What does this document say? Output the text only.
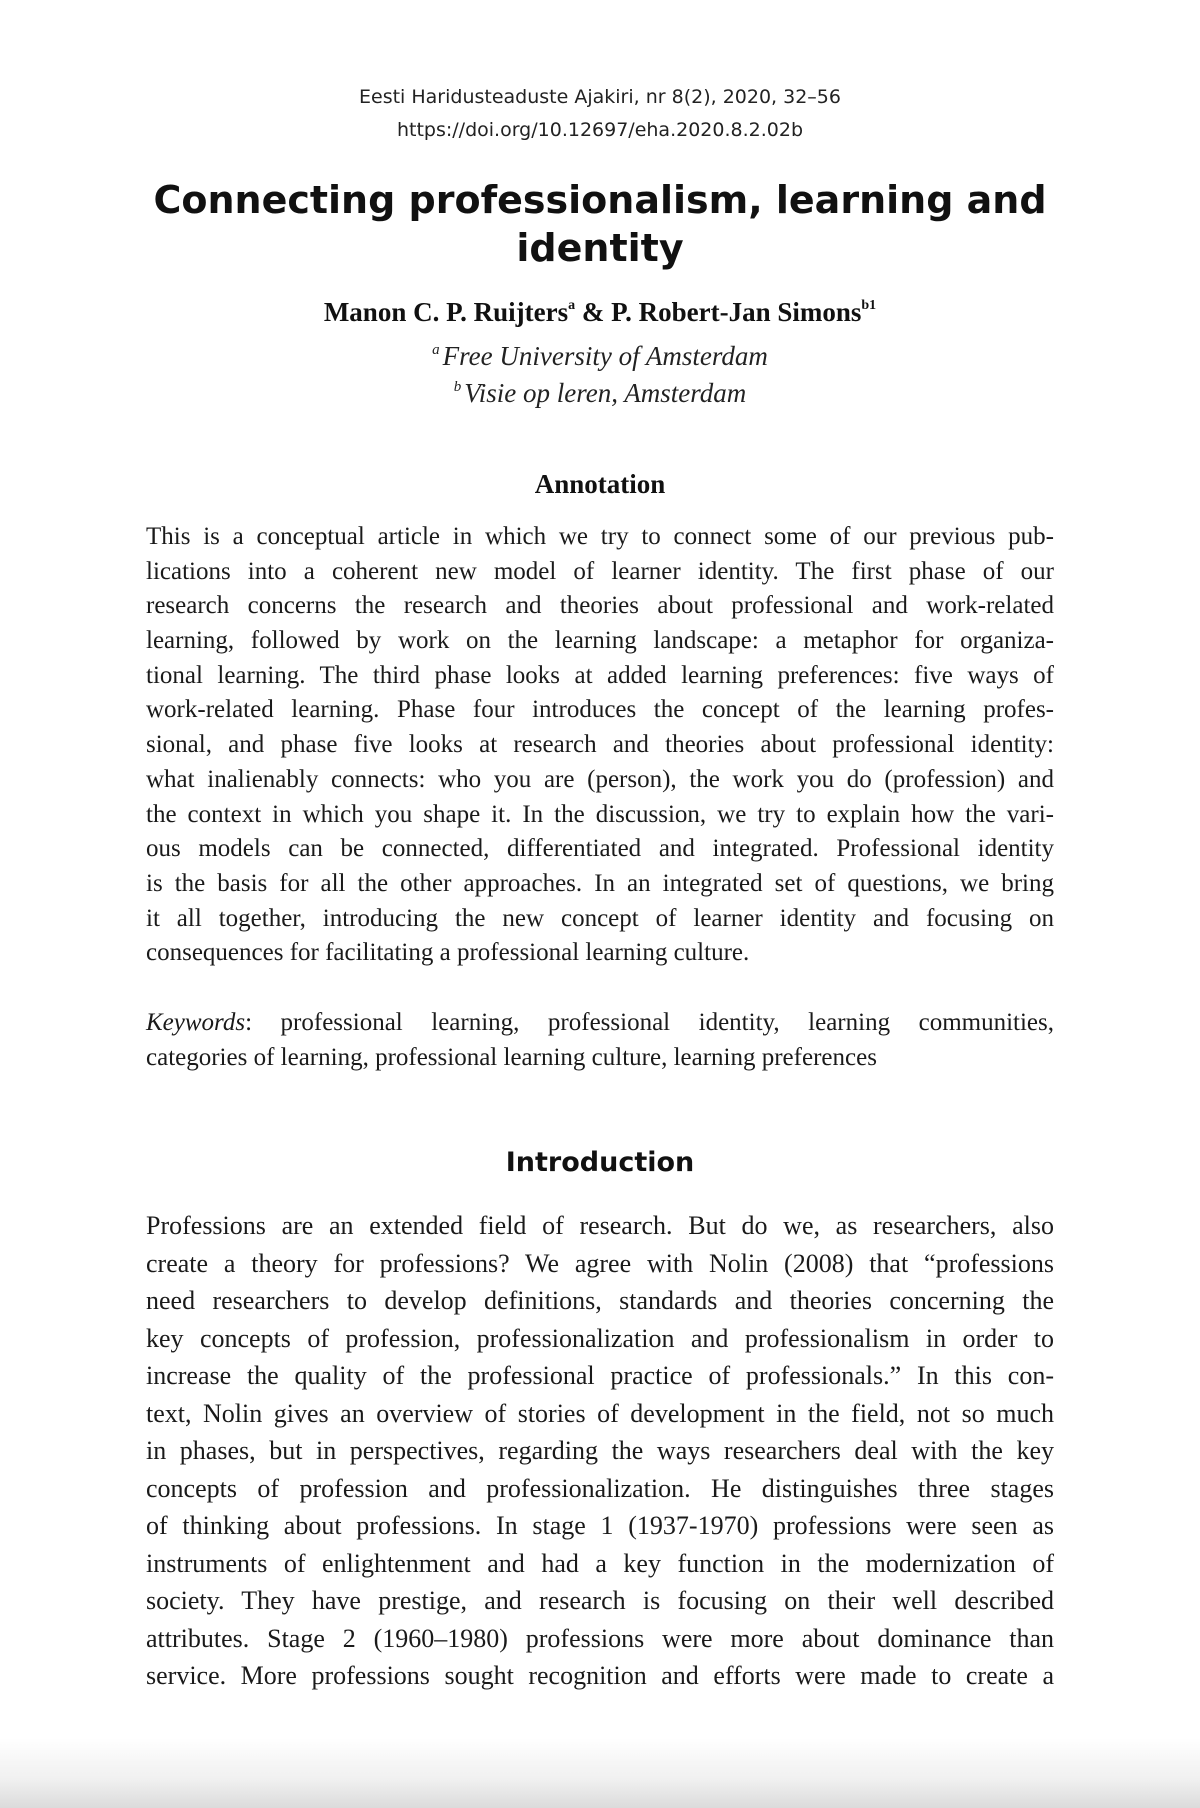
Eesti Haridusteaduste Ajakiri, nr 8(2), 2020, 32–56
https://doi.org/10.12697/eha.2020.8.2.02b
Connecting professionalism, learning and
identity
Manon C. P. Ruijters$^a$ & P. Robert-Jan Simons$^{b1}$
$^a$ Free University of Amsterdam
$^b$ Visie op leren, Amsterdam
Annotation
This is a conceptual article in which we try to connect some of our previous pub-
lications into a coherent new model of learner identity. The first phase of our
research concerns the research and theories about professional and work-related
learning, followed by work on the learning landscape: a metaphor for organiza-
tional learning. The third phase looks at added learning preferences: five ways of
work-related learning. Phase four introduces the concept of the learning profes-
sional, and phase five looks at research and theories about professional identity:
what inalienably connects: who you are (person), the work you do (profession) and
the context in which you shape it. In the discussion, we try to explain how the vari-
ous models can be connected, differentiated and integrated. Professional identity
is the basis for all the other approaches. In an integrated set of questions, we bring
it all together, introducing the new concept of learner identity and focusing on
consequences for facilitating a professional learning culture.
Keywords: professional learning, professional identity, learning communities,
categories of learning, professional learning culture, learning preferences
Introduction
Professions are an extended field of research. But do we, as researchers, also
create a theory for professions? We agree with Nolin (2008) that “professions
need researchers to develop definitions, standards and theories concerning the
key concepts of profession, professionalization and professionalism in order to
increase the quality of the professional practice of professionals.” In this con-
text, Nolin gives an overview of stories of development in the field, not so much
in phases, but in perspectives, regarding the ways researchers deal with the key
concepts of profession and professionalization. He distinguishes three stages
of thinking about professions. In stage 1 (1937-1970) professions were seen as
instruments of enlightenment and had a key function in the modernization of
society. They have prestige, and research is focusing on their well described
attributes. Stage 2 (1960–1980) professions were more about dominance than
service. More professions sought recognition and efforts were made to create a
